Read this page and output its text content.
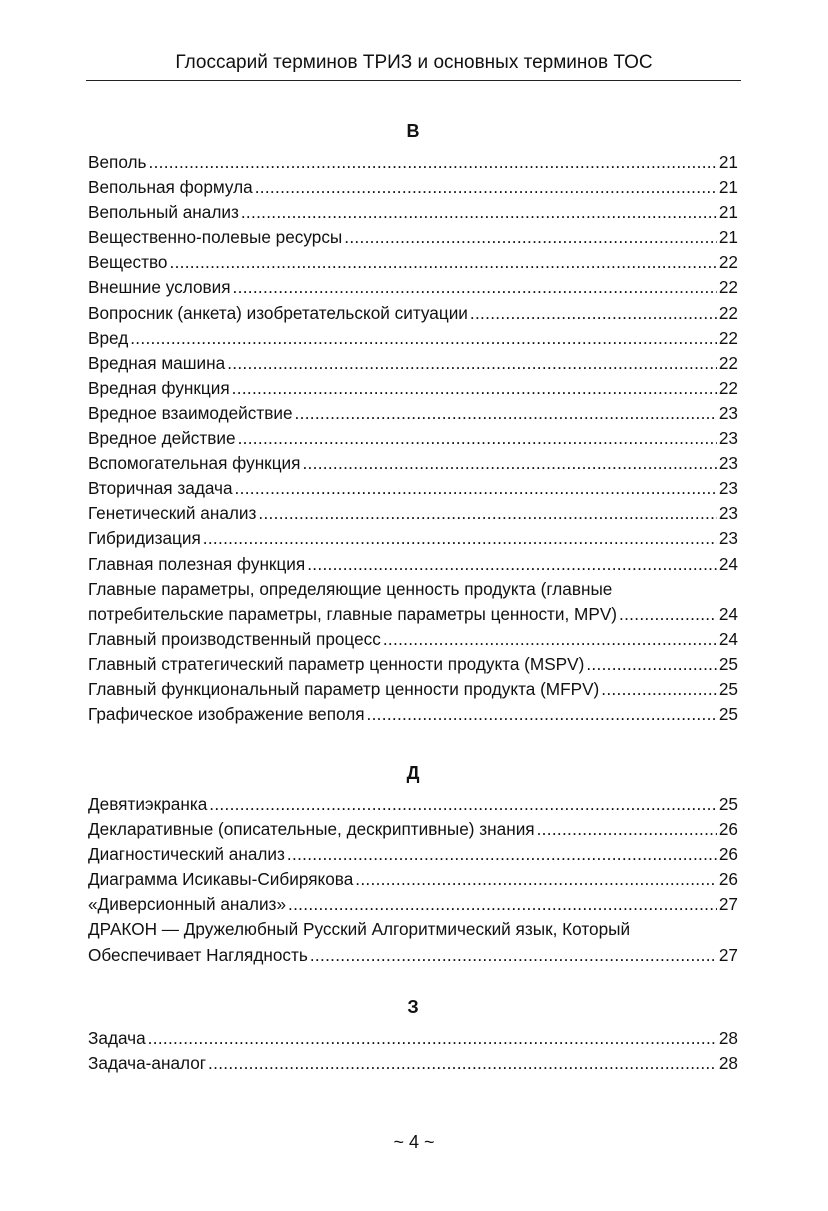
Глоссарий терминов ТРИЗ и основных терминов ТОС
В
Веполь .....	21
Вепольная формула .....	21
Вепольный анализ .....	21
Вещественно-полевые ресурсы .....	21
Вещество .....	22
Внешние условия .....	22
Вопросник (анкета) изобретательской ситуации .....	22
Вред .....	22
Вредная машина .....	22
Вредная функция .....	22
Вредное взаимодействие .....	23
Вредное действие .....	23
Вспомогательная функция .....	23
Вторичная задача .....	23
Генетический анализ .....	23
Гибридизация .....	23
Главная полезная функция .....	24
Главные параметры, определяющие ценность продукта (главные
потребительские параметры, главные параметры ценности, MPV) .....	24
Главный производственный процесс .....	24
Главный стратегический параметр ценности продукта (MSPV) .....	25
Главный функциональный параметр ценности продукта (MFPV) .....	25
Графическое изображение веполя .....	25
Д
Девятиэкранка .....	25
Декларативные (описательные, дескриптивные) знания .....	26
Диагностический анализ .....	26
Диаграмма Исикавы-Сибирякова .....	26
«Диверсионный анализ» .....	27
ДРАКОН — Дружелюбный Русский Алгоритмический язык, Который
Обеспечивает Наглядность .....	27
З
Задача .....	28
Задача-аналог .....	28
~ 4 ~
